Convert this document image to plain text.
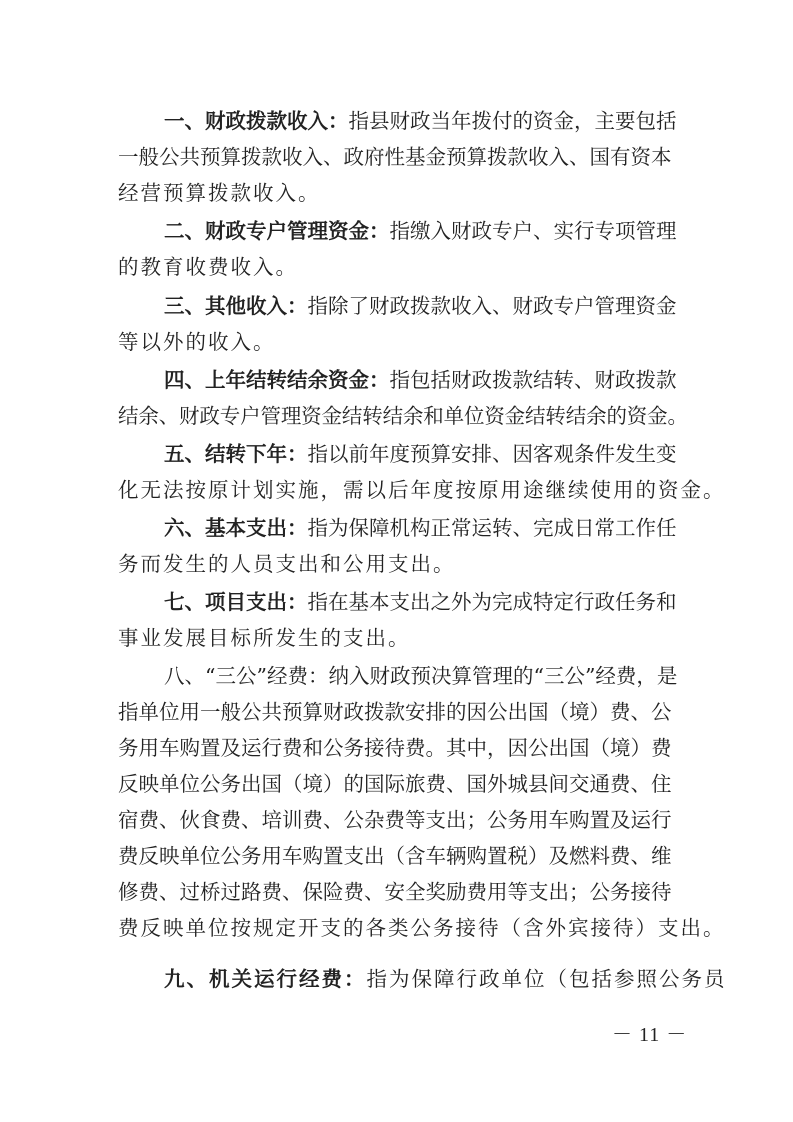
一、财政拨款收入：指县财政当年拨付的资金，主要包括
一般公共预算拨款收入、政府性基金预算拨款收入、国有资本
经营预算拨款收入。
二、财政专户管理资金：指缴入财政专户、实行专项管理
的教育收费收入。
三、其他收入：指除了财政拨款收入、财政专户管理资金
等以外的收入。
四、上年结转结余资金：指包括财政拨款结转、财政拨款
结余、财政专户管理资金结转结余和单位资金结转结余的资金。
五、结转下年：指以前年度预算安排、因客观条件发生变
化无法按原计划实施，需以后年度按原用途继续使用的资金。
六、基本支出：指为保障机构正常运转、完成日常工作任
务而发生的人员支出和公用支出。
七、项目支出：指在基本支出之外为完成特定行政任务和
事业发展目标所发生的支出。
八、“三公”经费：纳入财政预决算管理的“三公”经费，是
指单位用一般公共预算财政拨款安排的因公出国（境）费、公
务用车购置及运行费和公务接待费。其中，因公出国（境）费
反映单位公务出国（境）的国际旅费、国外城县间交通费、住
宿费、伙食费、培训费、公杂费等支出；公务用车购置及运行
费反映单位公务用车购置支出（含车辆购置税）及燃料费、维
修费、过桥过路费、保险费、安全奖励费用等支出；公务接待
费反映单位按规定开支的各类公务接待（含外宾接待）支出。
九、机关运行经费：指为保障行政单位（包括参照公务员
－ 11 －
